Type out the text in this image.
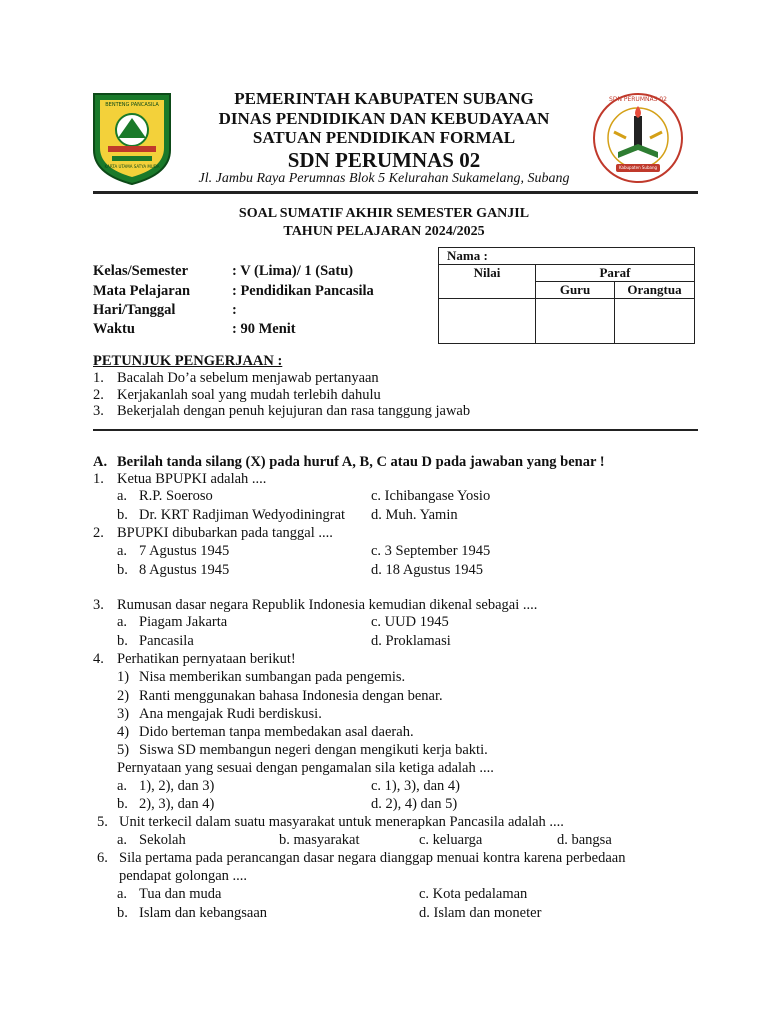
BENTENG PANCASILA
KARTA UTAMA SATYA MUDA
SDN PERUMNAS 02
Kabupaten Subang
PEMERINTAH KABUPATEN SUBANG
DINAS PENDIDIKAN DAN KEBUDAYAAN
SATUAN PENDIDIKAN FORMAL
SDN PERUMNAS 02
Jl. Jambu Raya Perumnas Blok 5 Kelurahan Sukamelang, Subang
SOAL SUMATIF AKHIR SEMESTER GANJIL
TAHUN PELAJARAN 2024/2025
Kelas/Semester	: V (Lima)/ 1 (Satu)
Mata Pelajaran	: Pendidikan Pancasila
Hari/Tanggal	:
Waktu	: 90 Menit
Nama :		
Nilai	Paraf	
	Guru	Orangtua

PETUNJUK PENGERJAAN :
1. Bacalah Do’a sebelum menjawab pertanyaan
2. Kerjakanlah soal yang mudah terlebih dahulu
3. Bekerjalah dengan penuh kejujuran dan rasa tanggung jawab
A. Berilah tanda silang (X) pada huruf A, B, C atau D pada jawaban yang benar !
1. Ketua BPUPKI adalah ....
a. R.P. Soeroso	c. Ichibangase Yosio
b. Dr. KRT Radjiman Wedyodiningrat d. Muh. Yamin
2. BPUPKI dibubarkan pada tanggal ....
a. 7 Agustus 1945	c. 3 September 1945
b. 8 Agustus 1945	d. 18 Agustus 1945
3. Rumusan dasar negara Republik Indonesia kemudian dikenal sebagai ....
a. Piagam Jakarta	c. UUD 1945
b. Pancasila	d. Proklamasi
4. Perhatikan pernyataan berikut!
1) Nisa memberikan sumbangan pada pengemis.
2) Ranti menggunakan bahasa Indonesia dengan benar.
3) Ana mengajak Rudi berdiskusi.
4) Dido berteman tanpa membedakan asal daerah.
5) Siswa SD membangun negeri dengan mengikuti kerja bakti.
Pernyataan yang sesuai dengan pengamalan sila ketiga adalah ....
a. 1), 2), dan 3)	c. 1), 3), dan 4)
b. 2), 3), dan 4)	d. 2), 4) dan 5)
5. Unit terkecil dalam suatu masyarakat untuk menerapkan Pancasila adalah ....
a. Sekolah	b. masyarakat	c. keluarga	d. bangsa
6. Sila pertama pada perancangan dasar negara dianggap menuai kontra karena perbedaan
pendapat golongan ....
a. Tua dan muda	c. Kota pedalaman
b. Islam dan kebangsaan	d. Islam dan moneter
